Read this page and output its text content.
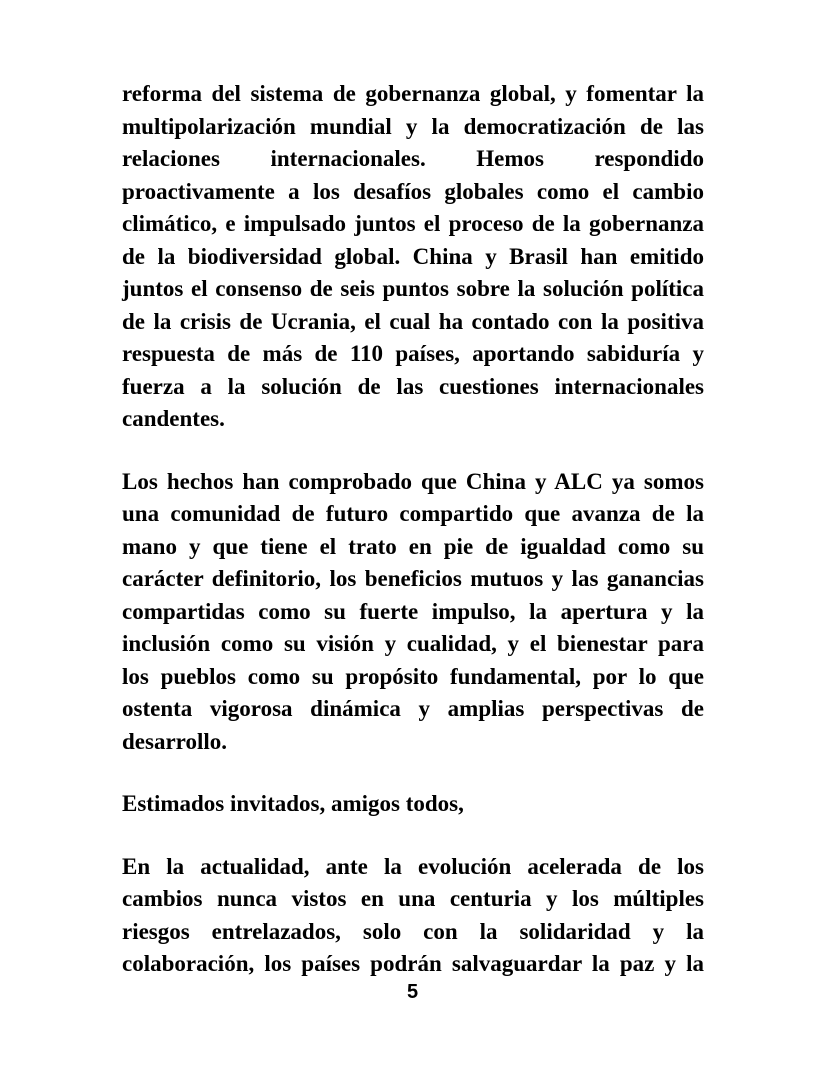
reforma del sistema de gobernanza global, y fomentar la
multipolarización mundial y la democratización de las
relaciones internacionales. Hemos respondido
proactivamente a los desafíos globales como el cambio
climático, e impulsado juntos el proceso de la gobernanza
de la biodiversidad global. China y Brasil han emitido
juntos el consenso de seis puntos sobre la solución política
de la crisis de Ucrania, el cual ha contado con la positiva
respuesta de más de 110 países, aportando sabiduría y
fuerza a la solución de las cuestiones internacionales
candentes.
Los hechos han comprobado que China y ALC ya somos
una comunidad de futuro compartido que avanza de la
mano y que tiene el trato en pie de igualdad como su
carácter definitorio, los beneficios mutuos y las ganancias
compartidas como su fuerte impulso, la apertura y la
inclusión como su visión y cualidad, y el bienestar para
los pueblos como su propósito fundamental, por lo que
ostenta vigorosa dinámica y amplias perspectivas de
desarrollo.
Estimados invitados, amigos todos,
En la actualidad, ante la evolución acelerada de los
cambios nunca vistos en una centuria y los múltiples
riesgos entrelazados, solo con la solidaridad y la
colaboración, los países podrán salvaguardar la paz y la
5
